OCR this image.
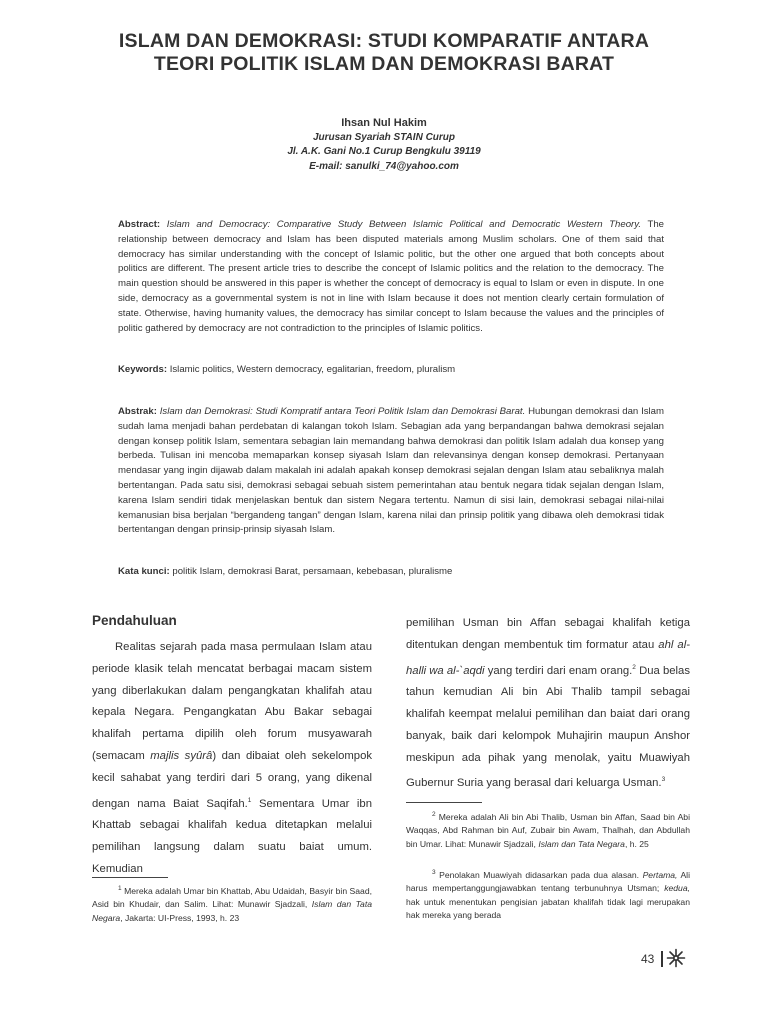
ISLAM DAN DEMOKRASI: STUDI KOMPARATIF ANTARA
TEORI POLITIK ISLAM DAN DEMOKRASI BARAT
Ihsan Nul Hakim
Jurusan Syariah STAIN Curup
Jl. A.K. Gani No.1 Curup Bengkulu 39119
E-mail: sanulki_74@yahoo.com
Abstract: Islam and Democracy: Comparative Study Between Islamic Political and Democratic Western Theory. The relationship between democracy and Islam has been disputed materials among Muslim scholars. One of them said that democracy has similar understanding with the concept of Islamic politic, but the other one argued that both concepts about politics are different. The present article tries to describe the concept of Islamic politics and the relation to the democracy. The main question should be answered in this paper is whether the concept of democracy is equal to Islam or even in dispute. In one side, democracy as a governmental system is not in line with Islam because it does not mention clearly certain formulation of state. Otherwise, having humanity values, the democracy has similar concept to Islam because the values and the principles of politic gathered by democracy are not contradiction to the principles of Islamic politics.
Keywords: Islamic politics, Western democracy, egalitarian, freedom, pluralism
Abstrak: Islam dan Demokrasi: Studi Kompratif antara Teori Politik Islam dan Demokrasi Barat. Hubungan demokrasi dan Islam sudah lama menjadi bahan perdebatan di kalangan tokoh Islam. Sebagian ada yang berpandangan bahwa demokrasi sejalan dengan konsep politik Islam, sementara sebagian lain memandang bahwa demokrasi dan politik Islam adalah dua konsep yang berbeda. Tulisan ini mencoba memaparkan konsep siyasah Islam dan relevansinya dengan konsep demokrasi. Pertanyaan mendasar yang ingin dijawab dalam makalah ini adalah apakah konsep demokrasi sejalan dengan Islam atau sebaliknya malah bertentangan. Pada satu sisi, demokrasi sebagai sebuah sistem pemerintahan atau bentuk negara tidak sejalan dengan Islam, karena Islam sendiri tidak menjelaskan bentuk dan sistem Negara tertentu. Namun di sisi lain, demokrasi sebagai nilai-nilai kemanusian bisa berjalan “bergandeng tangan” dengan Islam, karena nilai dan prinsip politik yang dibawa oleh demokrasi tidak bertentangan dengan prinsip-prinsip siyasah Islam.
Kata kunci: politik Islam, demokrasi Barat, persamaan, kebebasan, pluralisme
Pendahuluan

Realitas sejarah pada masa permulaan Islam atau periode klasik telah mencatat berbagai macam sistem yang diberlakukan dalam pengangkatan khalifah atau kepala Negara. Pengangkatan Abu Bakar sebagai khalifah pertama dipilih oleh forum musyawarah (semacam majlis syûrâ) dan dibaiat oleh sekelompok kecil sahabat yang terdiri dari 5 orang, yang dikenal dengan nama Baiat Saqifah.$^1$ Sementara Umar ibn Khattab sebagai khalifah kedua ditetapkan melalui pemilihan langsung dalam suatu baiat umum. Kemudian

pemilihan Usman bin Affan sebagai khalifah ketiga ditentukan dengan membentuk tim formatur atau ahl al-halli wa al-`aqdi yang terdiri dari enam orang.$^2$ Dua belas tahun kemudian Ali bin Abi Thalib tampil sebagai khalifah keempat melalui pemilihan dan baiat dari orang banyak, baik dari kelompok Muhajirin maupun Anshor meskipun ada pihak yang menolak, yaitu Muawiyah Gubernur Suria yang berasal dari keluarga Usman.$^3$

$^1$ Mereka adalah Umar bin Khattab, Abu Udaidah, Basyir bin Saad, Asid bin Khudair, dan Salim. Lihat: Munawir Sjadzali, Islam dan Tata Negara, Jakarta: UI-Press, 1993, h. 23

$^2$ Mereka adalah Ali bin Abi Thalib, Usman bin Affan, Saad bin Abi Waqqas, Abd Rahman bin Auf, Zubair bin Awam, Thalhah, dan Abdullah bin Umar. Lihat: Munawir Sjadzali, Islam dan Tata Negara, h. 25

$^3$ Penolakan Muawiyah didasarkan pada dua alasan. Pertama, Ali harus mempertanggungjawabkan tentang terbunuhnya Utsman; kedua, hak untuk menentukan pengisian jabatan khalifah tidak lagi merupakan hak mereka yang berada

43
